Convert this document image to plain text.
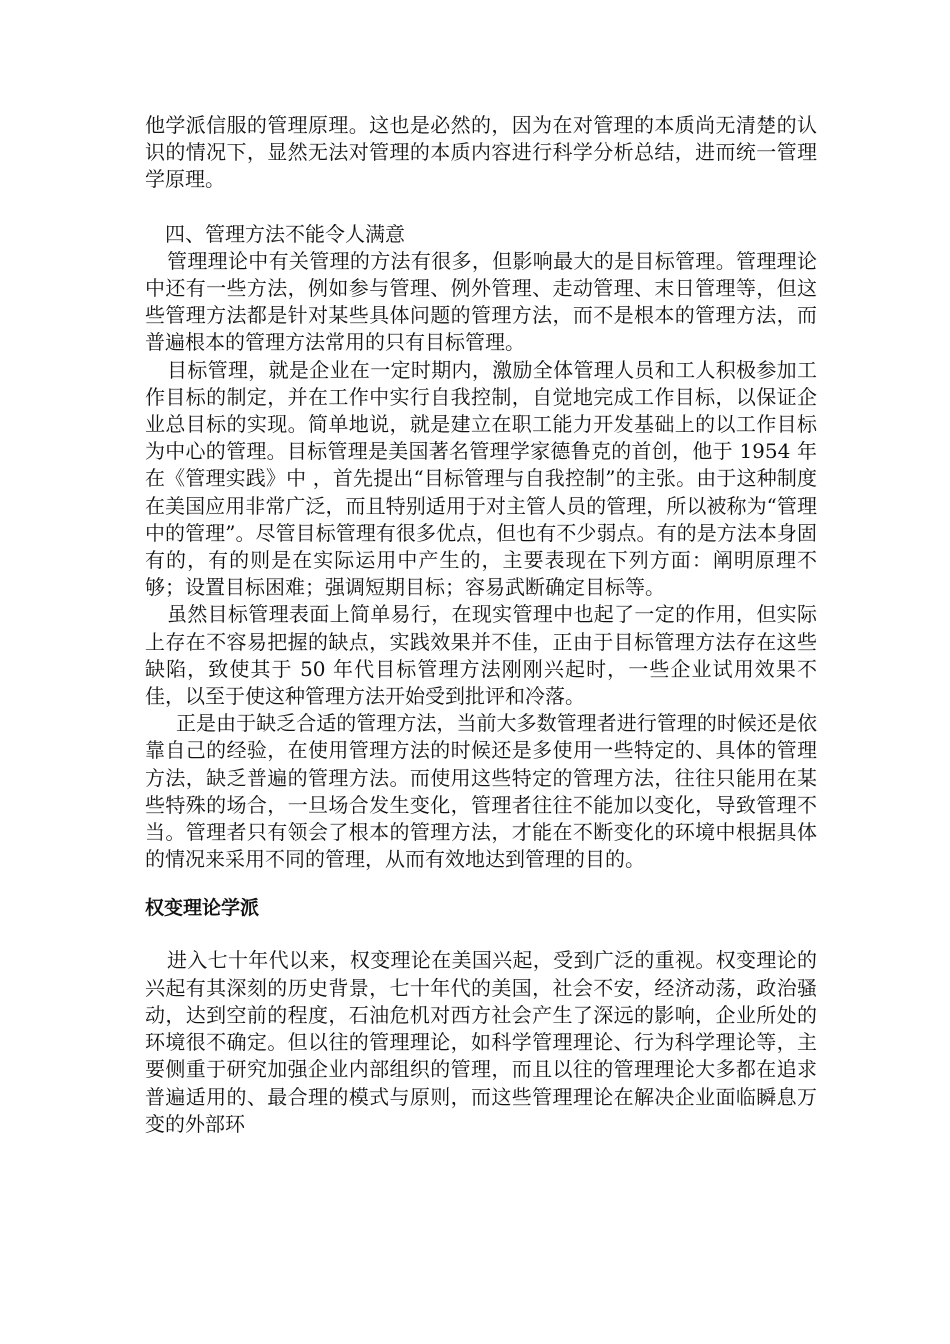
他学派信服的管理原理。这也是必然的，因为在对管理的本质尚无清楚的认识的情况下，显然无法对管理的本质内容进行科学分析总结，进而统一管理学原理。

四、管理方法不能令人满意

管理理论中有关管理的方法有很多，但影响最大的是目标管理。管理理论中还有一些方法，例如参与管理、例外管理、走动管理、末日管理等，但这些管理方法都是针对某些具体问题的管理方法，而不是根本的管理方法，而普遍根本的管理方法常用的只有目标管理。

目标管理，就是企业在一定时期内，激励全体管理人员和工人积极参加工作目标的制定，并在工作中实行自我控制，自觉地完成工作目标，以保证企业总目标的实现。简单地说，就是建立在职工能力开发基础上的以工作目标为中心的管理。目标管理是美国著名管理学家德鲁克的首创，他于 1954 年在《管理实践》中 ，首先提出“目标管理与自我控制”的主张。由于这种制度在美国应用非常广泛，而且特别适用于对主管人员的管理，所以被称为“管理中的管理”。尽管目标管理有很多优点，但也有不少弱点。有的是方法本身固有的，有的则是在实际运用中产生的，主要表现在下列方面：阐明原理不够；设置目标困难；强调短期目标；容易武断确定目标等。

虽然目标管理表面上简单易行，在现实管理中也起了一定的作用，但实际上存在不容易把握的缺点，实践效果并不佳，正由于目标管理方法存在这些缺陷，致使其于 50 年代目标管理方法刚刚兴起时，一些企业试用效果不佳，以至于使这种管理方法开始受到批评和冷落。

正是由于缺乏合适的管理方法，当前大多数管理者进行管理的时候还是依靠自己的经验，在使用管理方法的时候还是多使用一些特定的、具体的管理方法，缺乏普遍的管理方法。而使用这些特定的管理方法，往往只能用在某些特殊的场合，一旦场合发生变化，管理者往往不能加以变化，导致管理不当。管理者只有领会了根本的管理方法，才能在不断变化的环境中根据具体的情况来采用不同的管理，从而有效地达到管理的目的。

权变理论学派

进入七十年代以来，权变理论在美国兴起，受到广泛的重视。权变理论的兴起有其深刻的历史背景，七十年代的美国，社会不安，经济动荡，政治骚动，达到空前的程度，石油危机对西方社会产生了深远的影响，企业所处的环境很不确定。但以往的管理理论，如科学管理理论、行为科学理论等，主要侧重于研究加强企业内部组织的管理，而且以往的管理理论大多都在追求普遍适用的、最合理的模式与原则，而这些管理理论在解决企业面临瞬息万变的外部环
